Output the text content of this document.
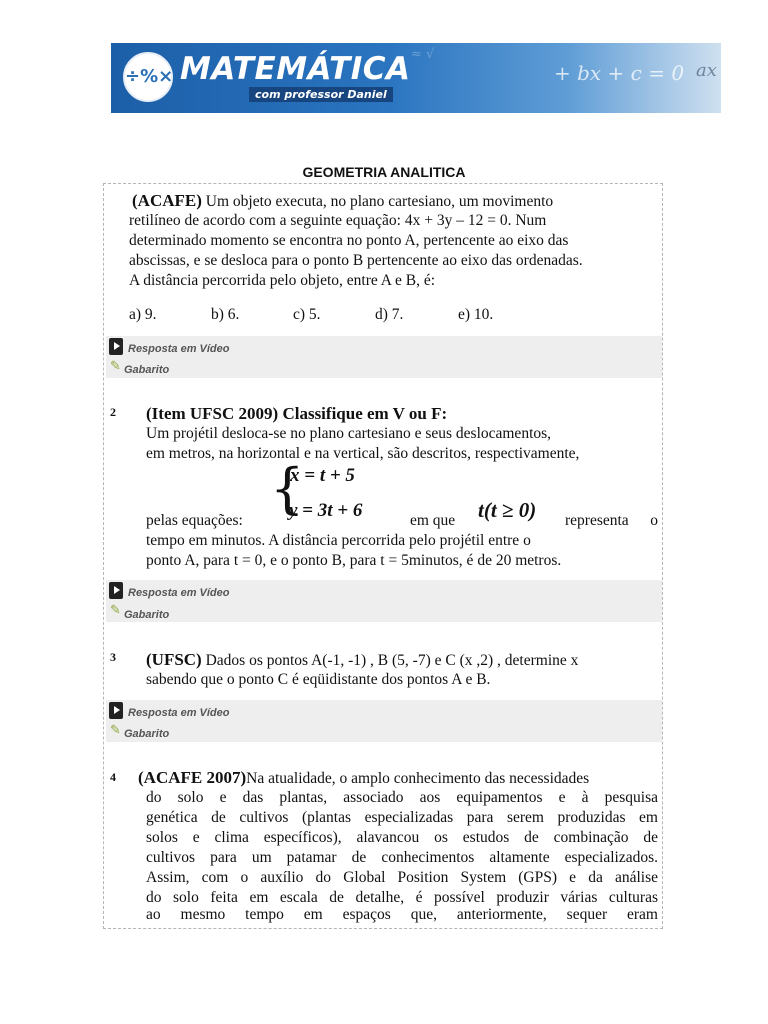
≈ √
÷%× MATEMÁTICA
com professor Daniel
+ bx + c = 0 ax
GEOMETRIA ANALITICA
(ACAFE) Um objeto executa, no plano cartesiano, um movimento
retilíneo de acordo com a seguinte equação: 4x + 3y – 12 = 0. Num
determinado momento se encontra no ponto A, pertencente ao eixo das
abscissas, e se desloca para o ponto B pertencente ao eixo das ordenadas.
A distância percorrida pelo objeto, entre A e B, é:
a) 9.	b) 6.	c) 5.	d) 7.	e) 10.
Resposta em Vídeo
✎ Gabarito
2 (Item UFSC 2009) Classifique em V ou F:
Um projétil desloca-se no plano cartesiano e seus deslocamentos,
em metros, na horizontal e na vertical, são descritos, respectivamente,
{
x = t + 5
y = 3t + 6
pelas equações:	em que t(t ≥ 0) representa o
tempo em minutos. A distância percorrida pelo projétil entre o
ponto A, para t = 0, e o ponto B, para t = 5minutos, é de 20 metros.
Resposta em Vídeo
✎ Gabarito
3 (UFSC) Dados os pontos A(-1, -1) , B (5, -7) e C (x ,2) , determine x
sabendo que o ponto C é eqüidistante dos pontos A e B.
Resposta em Vídeo
✎ Gabarito
4 (ACAFE 2007)Na atualidade, o amplo conhecimento das necessidades
do solo e das plantas, associado aos equipamentos e à pesquisa
genética de cultivos (plantas especializadas para serem produzidas em
solos e clima específicos), alavancou os estudos de combinação de
cultivos para um patamar de conhecimentos altamente especializados.
Assim, com o auxílio do Global Position System (GPS) e da análise
do solo feita em escala de detalhe, é possível produzir várias culturas
ao mesmo tempo em espaços que, anteriormente, sequer eram
